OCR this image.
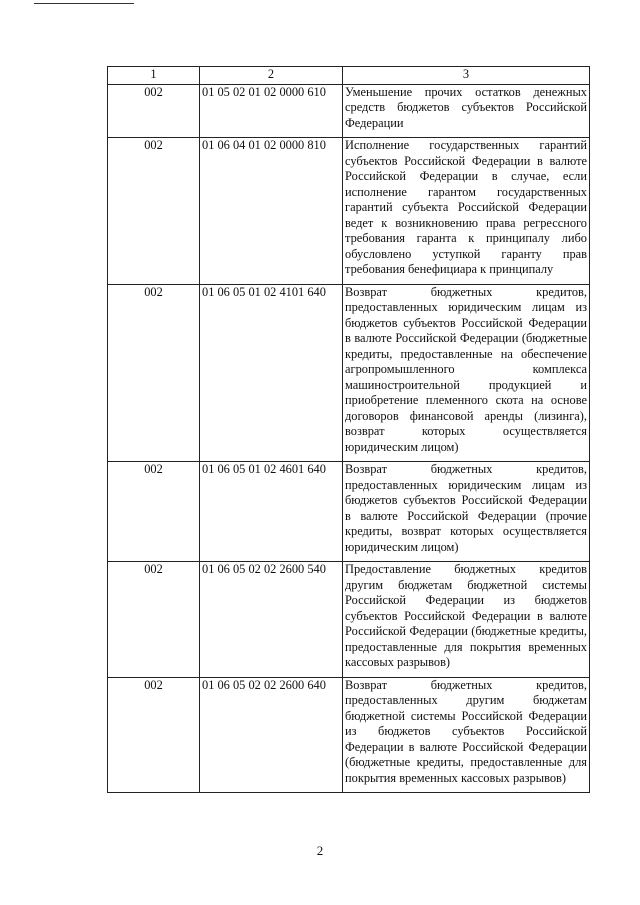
1	2	3
002	01 05 02 01 02 0000 610	Уменьшение прочих остатков денежных средств бюджетов субъектов Российской Федерации
002	01 06 04 01 02 0000 810	Исполнение государственных гарантий субъектов Российской Федерации в валюте Российской Федерации в случае, если исполнение гарантом государственных гарантий субъекта Российской Федерации ведет к возникновению права регрессного требования гаранта к принципалу либо обусловлено уступкой гаранту прав требования бенефициара к принципалу
002	01 06 05 01 02 4101 640	Возврат бюджетных кредитов, предоставленных юридическим лицам из бюджетов субъектов Российской Федерации в валюте Российской Федерации (бюджетные кредиты, предоставленные на обеспечение агропромышленного комплекса машиностроительной продукцией и приобретение племенного скота на основе договоров финансовой аренды (лизинга), возврат которых осуществляется юридическим лицом)
002	01 06 05 01 02 4601 640	Возврат бюджетных кредитов, предоставленных юридическим лицам из бюджетов субъектов Российской Федерации в валюте Российской Федерации (прочие кредиты, возврат которых осуществляется юридическим лицом)
002	01 06 05 02 02 2600 540	Предоставление бюджетных кредитов другим бюджетам бюджетной системы Российской Федерации из бюджетов субъектов Российской Федерации в валюте Российской Федерации (бюджетные кредиты, предоставленные для покрытия временных кассовых разрывов)
002	01 06 05 02 02 2600 640	Возврат бюджетных кредитов, предоставленных другим бюджетам бюджетной системы Российской Федерации из бюджетов субъектов Российской Федерации в валюте Российской Федерации (бюджетные кредиты, предоставленные для покрытия временных кассовых разрывов)
2
